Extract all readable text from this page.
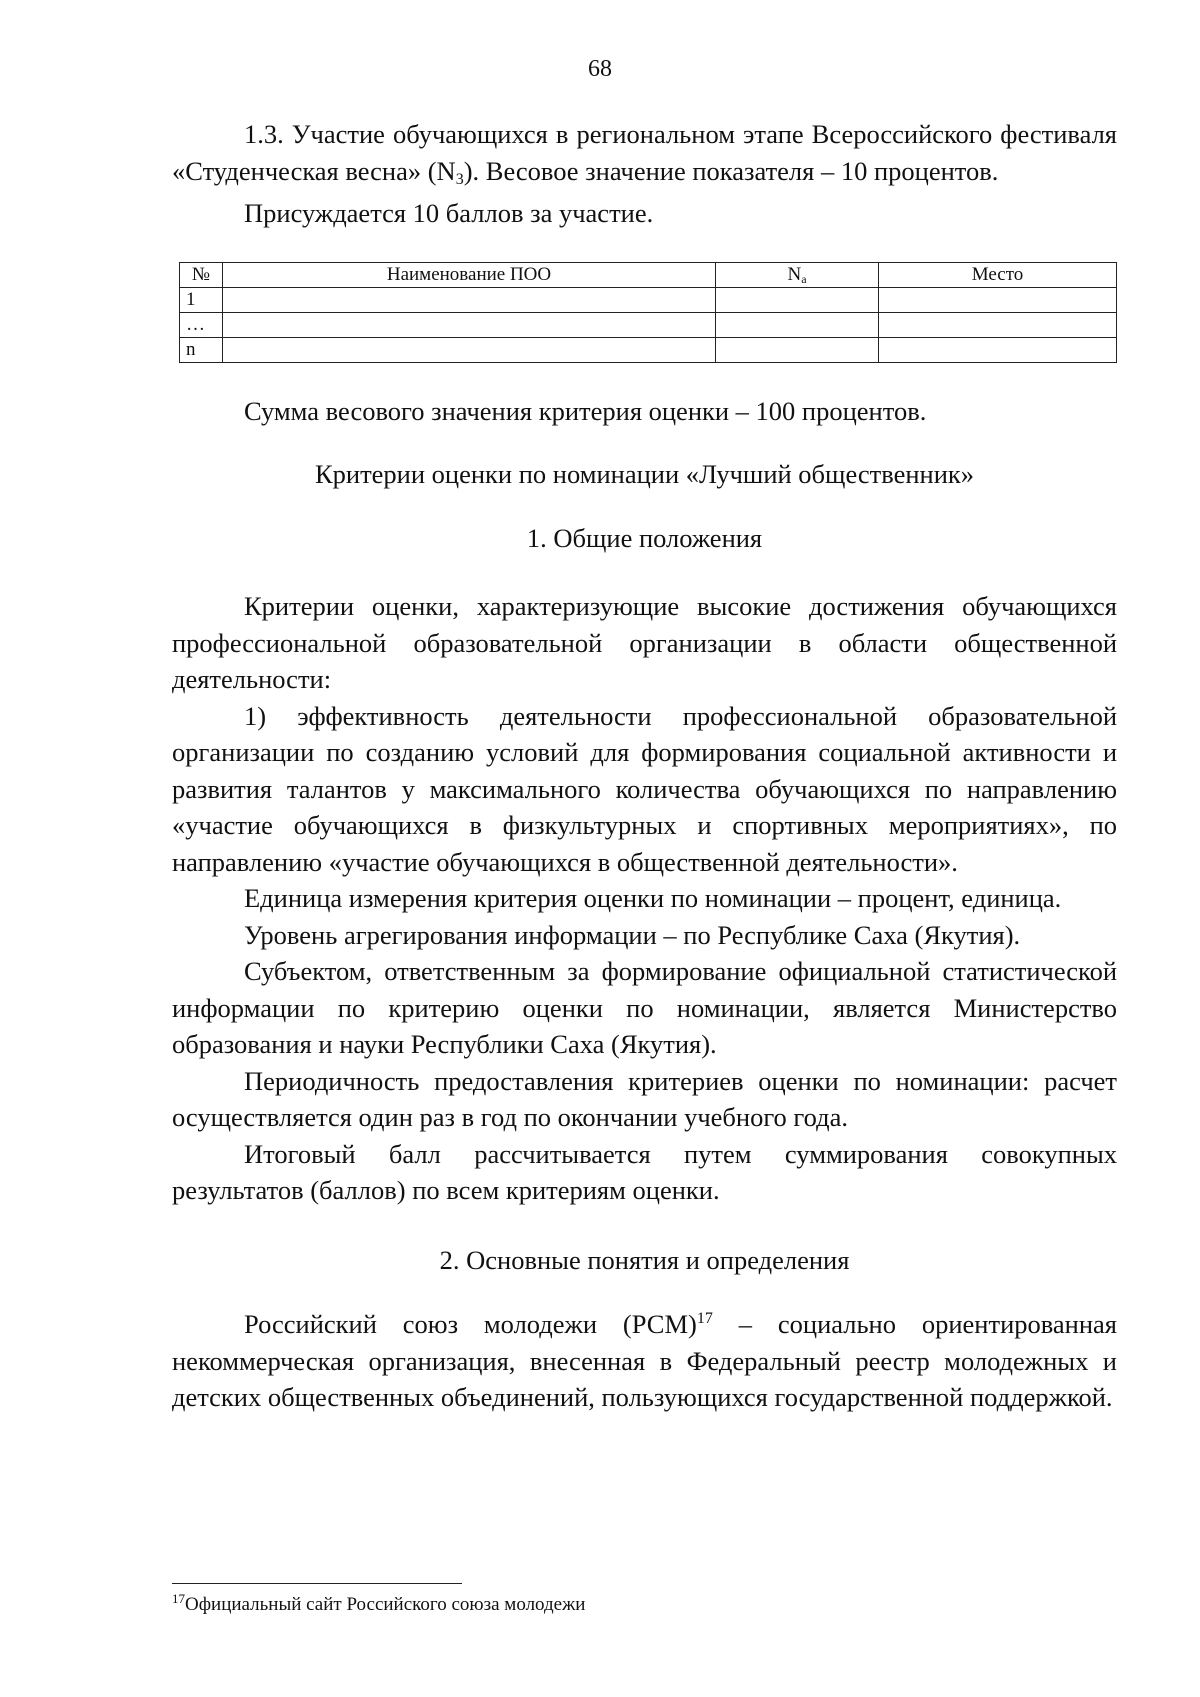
68

1.3. Участие обучающихся в региональном этапе Всероссийского фестиваля «Студенческая весна» $(N_3)$. Весовое значение показателя – 10 процентов.

Присуждается 10 баллов за участие.

№	Наименование ПОО	$N_a$	Место
1			
…			
n			

Сумма весового значения критерия оценки – 100 процентов.

Критерии оценки по номинации «Лучший общественник»

1. Общие положения

Критерии оценки, характеризующие высокие достижения обучающихся профессиональной образовательной организации в области общественной деятельности:

1) эффективность деятельности профессиональной образовательной организации по созданию условий для формирования социальной активности и развития талантов у максимального количества обучающихся по направлению «участие обучающихся в физкультурных и спортивных мероприятиях», по направлению «участие обучающихся в общественной деятельности».

Единица измерения критерия оценки по номинации – процент, единица.

Уровень агрегирования информации – по Республике Саха (Якутия).

Субъектом, ответственным за формирование официальной статистической информации по критерию оценки по номинации, является Министерство образования и науки Республики Саха (Якутия).

Периодичность предоставления критериев оценки по номинации: расчет осуществляется один раз в год по окончании учебного года.

Итоговый балл рассчитывается путем суммирования совокупных результатов (баллов) по всем критериям оценки.

2. Основные понятия и определения

Российский союз молодежи (РСМ)$^{17}$ – социально ориентированная некоммерческая организация, внесенная в Федеральный реестр молодежных и детских общественных объединений, пользующихся государственной поддержкой.

$^{17}$Официальный сайт Российского союза молодежи
